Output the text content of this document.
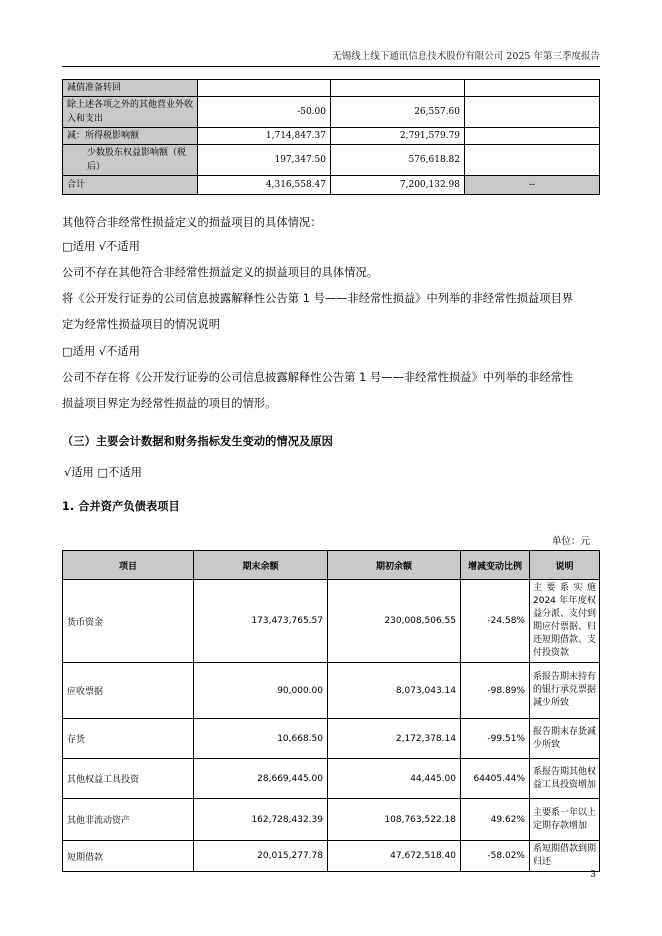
无锡线上线下通讯信息技术股份有限公司 2025 年第三季度报告
减值准备转回			
除上述各项之外的其他营业外收入和支出	-50.00	26,557.60	
减：所得税影响额	1,714,847.37	2,791,579.79	
少数股东权益影响额（税后）	197,347.50	576,618.82	
合计	4,316,558.47	7,200,132.98	--
其他符合非经常性损益定义的损益项目的具体情况：
□适用 √不适用
公司不存在其他符合非经常性损益定义的损益项目的具体情况。
将《公开发行证券的公司信息披露解释性公告第 1 号——非经常性损益》中列举的非经常性损益项目界
定为经常性损益项目的情况说明
□适用 √不适用
公司不存在将《公开发行证券的公司信息披露解释性公告第 1 号——非经常性损益》中列举的非经常性
损益项目界定为经常性损益的项目的情形。
（三）主要会计数据和财务指标发生变动的情况及原因
√适用 □不适用
1. 合并资产负债表项目
单位：元
项目	期末余额	期初余额	增减变动比例	说明
货币资金	173,473,765.57	230,008,506.55	-24.58%	主要系实施 2024 年年度权益分派、支付到期应付票据、归还短期借款、支付投资款
应收票据	90,000.00	8,073,043.14	-98.89%	系报告期末持有的银行承兑票据减少所致
存货	10,668.50	2,172,378.14	-99.51%	报告期末存货减少所致
其他权益工具投资	28,669,445.00	44,445.00	64405.44%	系报告期其他权益工具投资增加
其他非流动资产	162,728,432.39	108,763,522.18	49.62%	主要系一年以上定期存款增加
短期借款	20,015,277.78	47,672,518.40	-58.02%	系短期借款到期归还
3
